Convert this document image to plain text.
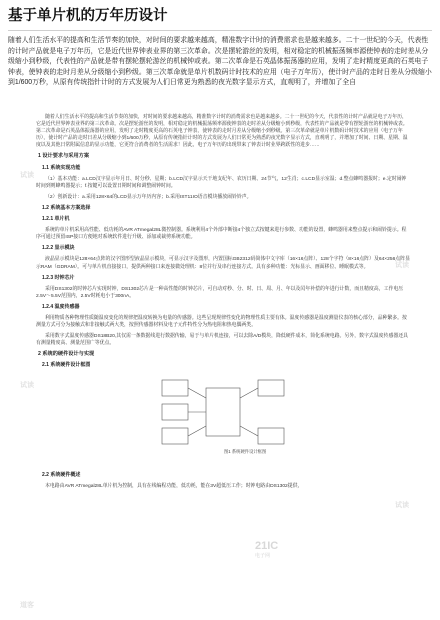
基于单片机的万年历设计

随着人们生活水平的提高和生活节奏的加快，对时间的要求越来越高，精准数字计时的消费需求也是越来越多。二十一世纪的今天，代表性的计时产品就是电子万年历，它是近代世界钟表业界的第三次革命。次是摆轮游丝的发明，相对稳定的机械振荡频率源使钟表的走时差从分级缩小到秒级，代表性的产品就是带有摆轮摆轮游丝的机械钟或表。第二次革命是石英晶体振荡器的应用，发明了走时精度更高的石英电子钟表，使钟表的走时月差从分级缩小到秒级。第三次革命就是单片机数码计时技术的应用（电子万年历），使计时产品的走时日差从分级缩小到1/600万秒，从原有传统指针计时的方式发展为人们日常更为熟悉的夜光数字显示方式，直观明了，并增加了全自

随着人们生活水平的提高和生活节奏的加快，对时间的要求越来越高，精准数字计时的消费需求也是越来越多。二十一世纪的今天，代表性的计时产品就是电子万年历，它是近代世界钟表业界的第三次革命。次是摆轮游丝的发明，相对稳定的机械振荡频率源使钟表的走时差从分级缩小到秒级，代表性的产品就是带有摆轮游丝的机械钟或表。第二次革命是石英晶体振荡器的应用，发明了走时精度更高的石英电子钟表，使钟表的走时月差从分级缩小到秒级。第三次革命就是单片机数码计时技术的应用（电子万年历），使计时产品的走时日差从分级缩小到1/600万秒，从原有传统指针计时的方式发展为人们日常更为熟悉的夜光数字显示方式，直观明了，并增加了时间、日期、星期、温度以及其他日常附属信息的显示功能，它更符合消费者的生活需求！因此，电子万年历的出现带来了钟表计时业界跨跃性的进步……
1 设计要求与采用方案
1.1 系统实现功能
（1）基本功能：a.LCD汉字显示年月日、时分秒、星期；b.LCD汉字显示天干地支纪年、农历日期、24节气，12生肖；c.LCD显示室温；d.整点蜂鸣器报时；e.定时闹钟时间到则蜂鸣器提示；f.按键可以设置日期时间和调整闹钟时间。
（2）创新设计：a.采用128×64的LCD显示万年历内容；b.采用IST11IO语音模块播放闹铃铃声。
1.2 系统基本方案选择
1.2.1 单片机
系统的单片机采用高性能、低功耗的AVR ATmegal28L微控制器。系统利用4个外部中断接4个独立式按键来进行参数、功能的设置，蜂鸣器用来整点提示和闹铃提示。程序可通过预留ISP接口方便地对系统软件进行升级、添加或裁剪系统功能。
1.2.2 显示模块
液晶显示模块是128×64点阵的汉字图形型液晶显示模块，可显示汉字及图形，内置国标GB2312码简体中文字库（16×16点阵）、128个字符（8×16点阵）及64×256点阵显示RAM（GDRAM）。可与单片机直接接口，提供两种接口来连接微处理机：8位并行及串行连接方式。具有多种功能：光标显示、画面移位、睡眠模式等。
1.2.3 时钟芯片
采用DS1302的时钟芯片实现时钟，DS1302芯片是一种高性能的时钟芯片，可自动对秒、分、时、日、周、月、年以及闰年补偿的年进行计数，而且精度高，工作电压2.5V～5.5V范围内，2.5V时耗电小于300nA。
1.2.4 温度传感器
利用物质各种物理性质随温度变化的规律把温度转换为电量的传感器。这些呈现规律性变化的物理性质主要有体。温度传感器是温度测量仪表的核心部分，品种繁多。按测量方式可分为接触式和非接触式两大类，按照传感器材料及电子元件特性分为热电阻和热电偶两类。
采用数字式温度传感器DS18B20,其仅需一条数据线进行数据传输，易于与单片机连接，可以去除A/D模块，降低硬件成本，简化系统电路。另外，数字式温度传感器还具有测量精度高、测量范围广等优点。
2 系统的硬件设计与实现
2.1 系统硬件设计框图
图1 系统硬件设计框图
2.2 系统硬件概述
本电路由AVR ATmegal28L单片机为控制，具有在线编程功能，低功耗，能在3V超低压工作；时钟电路由DS1302提供，
试读
试读
试读
试读
道客
21IC
电子网
